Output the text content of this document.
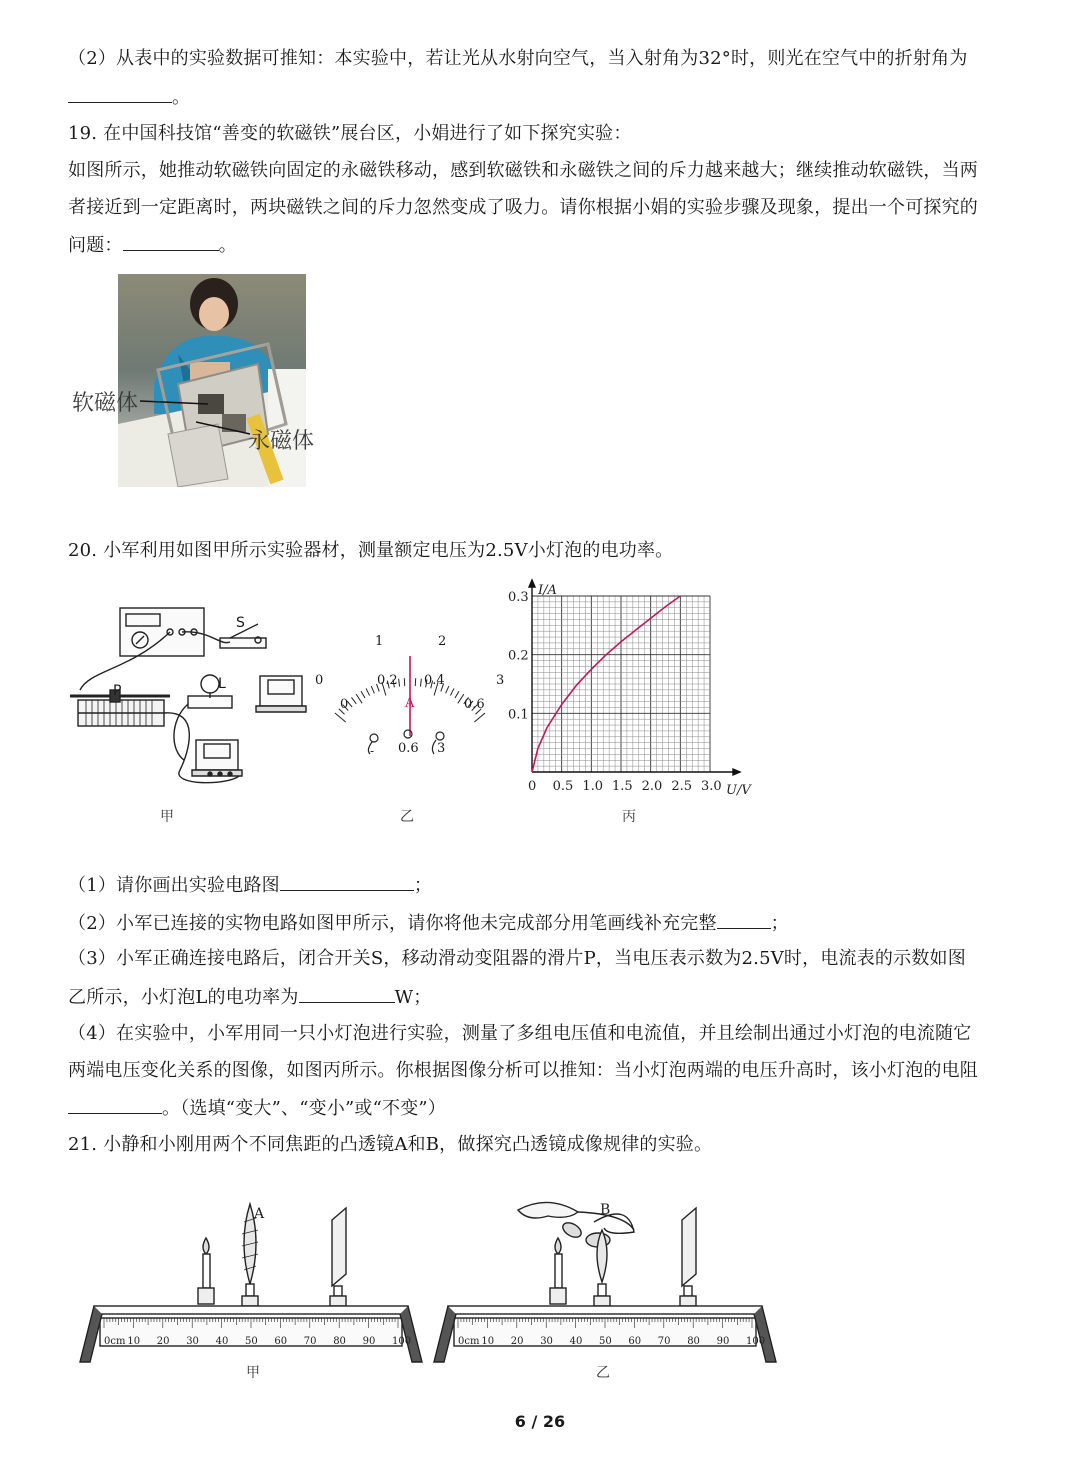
（2）从表中的实验数据可推知：本实验中，若让光从水射向空气，当入射角为32°时，则光在空气中的折射角为
。
19. 在中国科技馆“善变的软磁铁”展台区，小娟进行了如下探究实验：
如图所示，她推动软磁铁向固定的永磁铁移动，感到软磁铁和永磁铁之间的斥力越来越大；继续推动软磁铁，当两
者接近到一定距离时，两块磁铁之间的斥力忽然变成了吸力。请你根据小娟的实验步骤及现象，提出一个可探究的
问题：	。
软磁体
永磁体
20. 小军利用如图甲所示实验器材，测量额定电压为2.5V小灯泡的电功率。
S
P	L
甲
0
1	2
3
0
0.2 0.4
0.6
A
- 0.6 3
乙
0 0.5 1.0 1.5 2.0 2.5 3.0
0.1
0.2
0.3 I/A
U/V
丙
（1）请你画出实验电路图	；
（2）小军已连接的实物电路如图甲所示，请你将他未完成部分用笔画线补充完整	；
（3）小军正确连接电路后，闭合开关S，移动滑动变阻器的滑片P，当电压表示数为2.5V时，电流表的示数如图
乙所示，小灯泡L的电功率为	W；
（4）在实验中，小军用同一只小灯泡进行实验，测量了多组电压值和电流值，并且绘制出通过小灯泡的电流随它
两端电压变化关系的图像，如图丙所示。你根据图像分析可以推知：当小灯泡两端的电压升高时，该小灯泡的电阻
。（选填“变大”、“变小”或“不变”）
21. 小静和小刚用两个不同焦距的凸透镜A和B，做探究凸透镜成像规律的实验。
A
0cm 10 20 30 40 50 60 70 80 90 100
甲
B
0cm 10 20 30 40 50 60 70 80 90 100
乙
6 / 26
